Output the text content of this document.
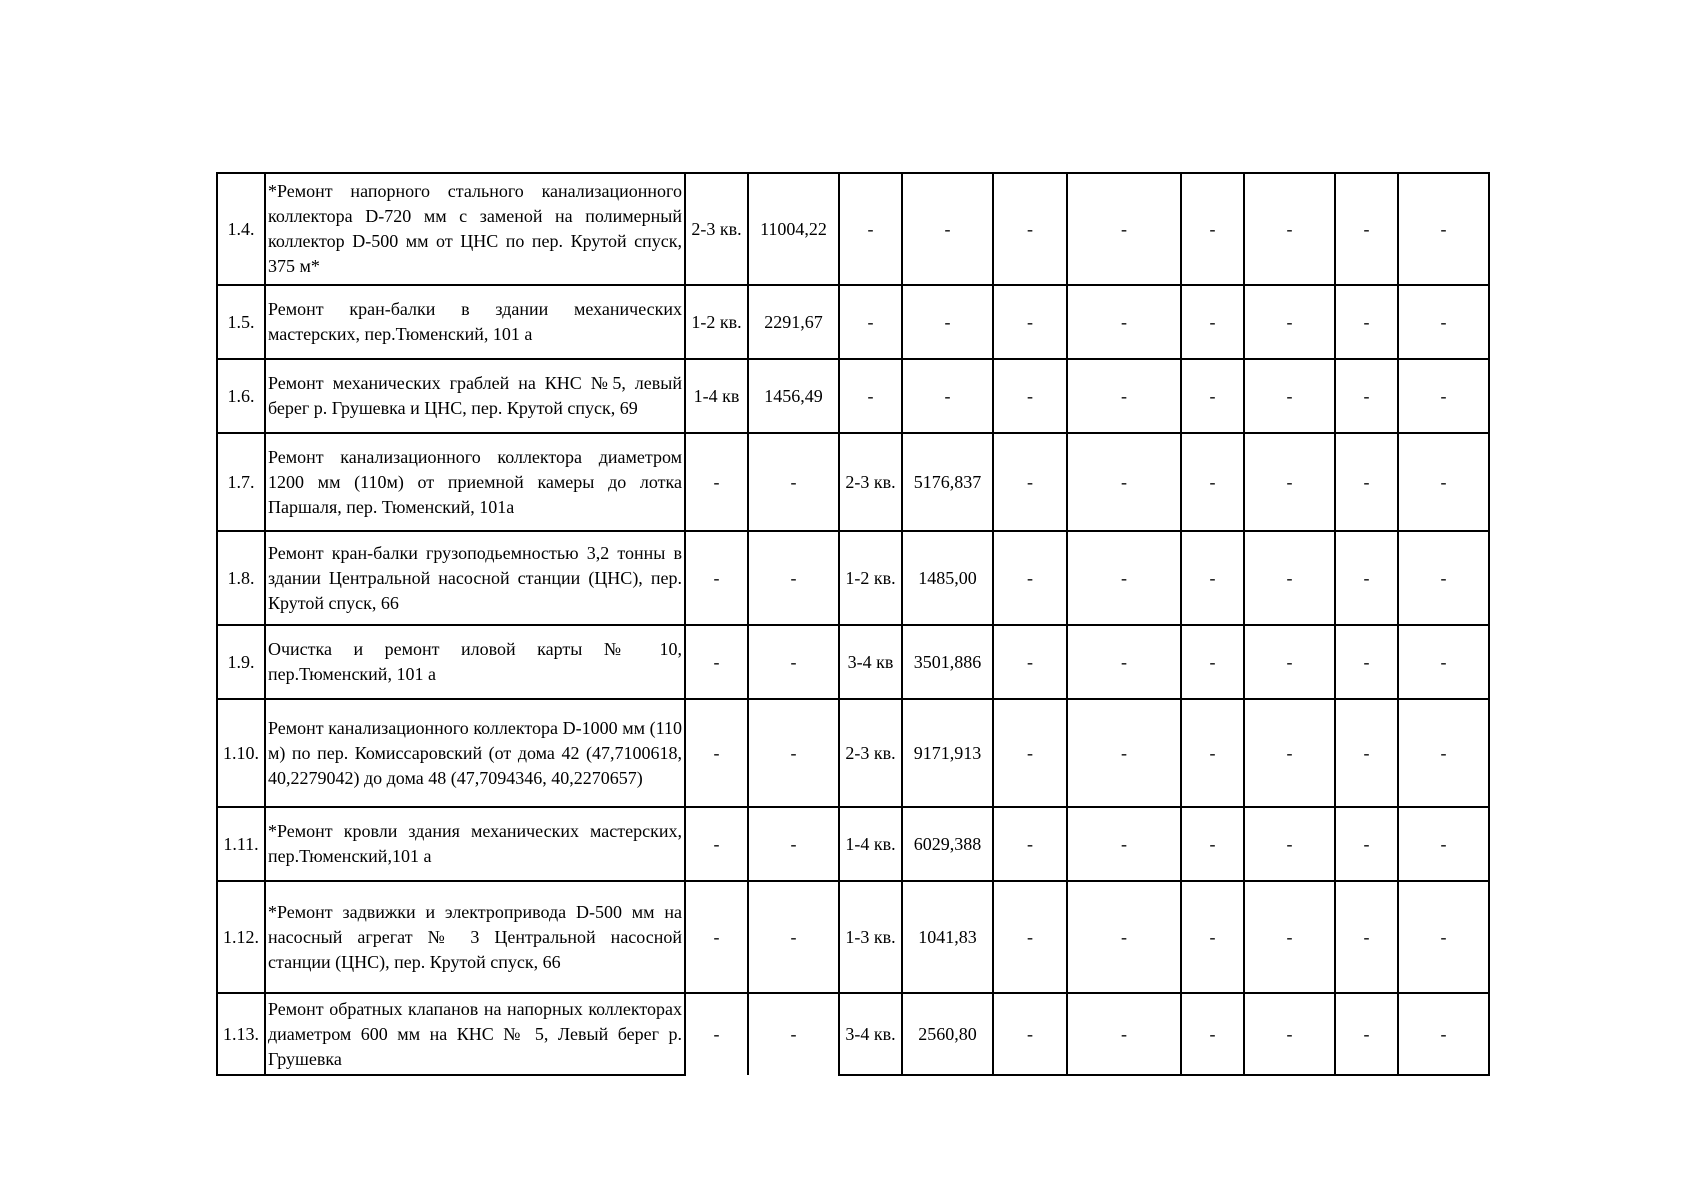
1.4.	*Ремонт напорного стального канализационного коллектора D-720 мм с заменой на полимерный коллектор D-500 мм от ЦНС по пер. Крутой спуск, 375 м*	2-3 кв.	11004,22	-	-	-	-	-	-	-	-
1.5.	Ремонт кран-балки в здании механических мастерских, пер.Тюменский, 101 а	1-2 кв.	2291,67	-	-	-	-	-	-	-	-
1.6.	Ремонт механических граблей на КНС №5, левый берег р. Грушевка и ЦНС, пер. Крутой спуск, 69	1-4 кв	1456,49	-	-	-	-	-	-	-	-
1.7.	Ремонт канализационного коллектора диаметром 1200 мм (110м) от приемной камеры до лотка Паршаля, пер. Тюменский, 101а	-	-	2-3 кв.	5176,837	-	-	-	-	-	-
1.8.	Ремонт кран-балки грузоподьемностью 3,2 тонны в здании Центральной насосной станции (ЦНС), пер. Крутой спуск, 66	-	-	1-2 кв.	1485,00	-	-	-	-	-	-
1.9.	Очистка и ремонт иловой карты № 10, пер.Тюменский, 101 а	-	-	3-4 кв	3501,886	-	-	-	-	-	-
1.10.	Ремонт канализационного коллектора D-1000 мм (110 м) по пер. Комиссаровский (от дома 42 (47,7100618, 40,2279042) до дома 48 (47,7094346, 40,2270657)	-	-	2-3 кв.	9171,913	-	-	-	-	-	-
1.11.	*Ремонт кровли здания механических мастерских, пер.Тюменский,101 а	-	-	1-4 кв.	6029,388	-	-	-	-	-	-
1.12.	*Ремонт задвижки и электропривода D-500 мм на насосный агрегат № 3 Центральной насосной станции (ЦНС), пер. Крутой спуск, 66	-	-	1-3 кв.	1041,83	-	-	-	-	-	-
1.13.	Ремонт обратных клапанов на напорных коллекторах диаметром 600 мм на КНС № 5, Левый берег р. Грушевка	-	-	3-4 кв.	2560,80	-	-	-	-	-	-
